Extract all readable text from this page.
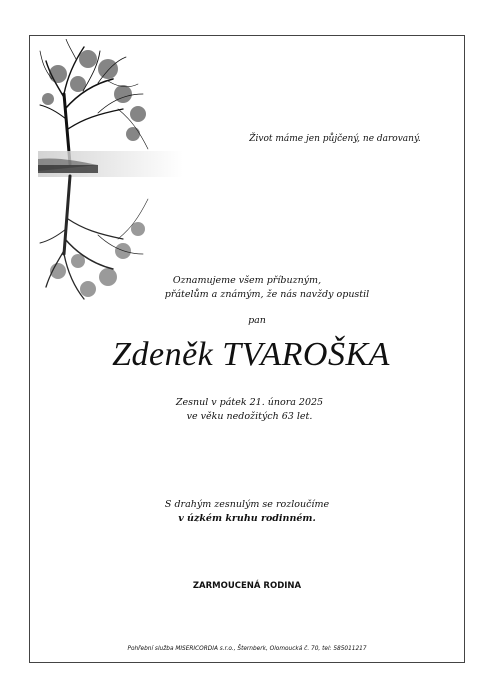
Život máme jen půjčený, ne darovaný.
Oznamujeme všem příbuzným,
přátelům a známým, že nás navždy opustil
pan
Zdeněk TVAROŠKA
Zesnul v pátek 21. února 2025
ve věku nedožitých 63 let.
S drahým zesnulým se rozloučíme
v úzkém kruhu rodinném.
ZARMOUCENÁ RODINA
Pohřební služba MISERICORDIA s.r.o., Šternberk, Olomoucká č. 70, tel: 585011217
